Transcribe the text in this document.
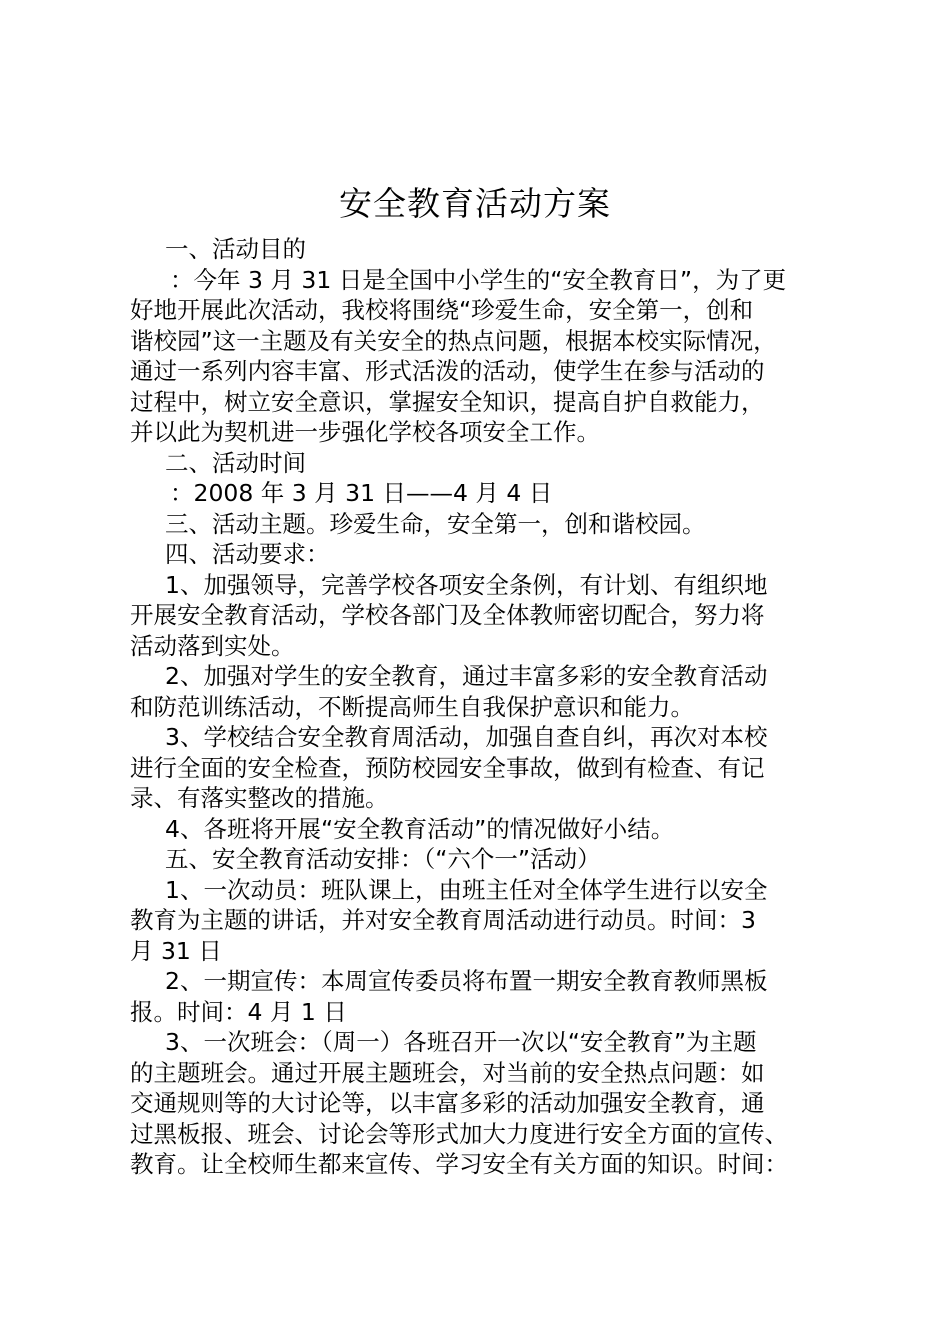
安全教育活动方案
一、活动目的
：今年 3 月 31 日是全国中小学生的“安全教育日”，为了更
好地开展此次活动，我校将围绕“珍爱生命，安全第一，创和
谐校园”这一主题及有关安全的热点问题，根据本校实际情况，
通过一系列内容丰富、形式活泼的活动，使学生在参与活动的
过程中，树立安全意识，掌握安全知识，提高自护自救能力，
并以此为契机进一步强化学校各项安全工作。
二、活动时间
：2008 年 3 月 31 日——4 月 4 日
三、活动主题。珍爱生命，安全第一，创和谐校园。
四、活动要求：
1、加强领导，完善学校各项安全条例，有计划、有组织地
开展安全教育活动，学校各部门及全体教师密切配合，努力将
活动落到实处。
2、加强对学生的安全教育，通过丰富多彩的安全教育活动
和防范训练活动，不断提高师生自我保护意识和能力。
3、学校结合安全教育周活动，加强自查自纠，再次对本校
进行全面的安全检查，预防校园安全事故，做到有检查、有记
录、有落实整改的措施。
4、各班将开展“安全教育活动”的情况做好小结。
五、安全教育活动安排：（“六个一”活动）
1、一次动员：班队课上，由班主任对全体学生进行以安全
教育为主题的讲话，并对安全教育周活动进行动员。时间：3
月 31 日
2、一期宣传：本周宣传委员将布置一期安全教育教师黑板
报。时间：4 月 1 日
3、一次班会：（周一）各班召开一次以“安全教育”为主题
的主题班会。通过开展主题班会，对当前的安全热点问题：如
交通规则等的大讨论等，以丰富多彩的活动加强安全教育，通
过黑板报、班会、讨论会等形式加大力度进行安全方面的宣传、
教育。让全校师生都来宣传、学习安全有关方面的知识。时间：
